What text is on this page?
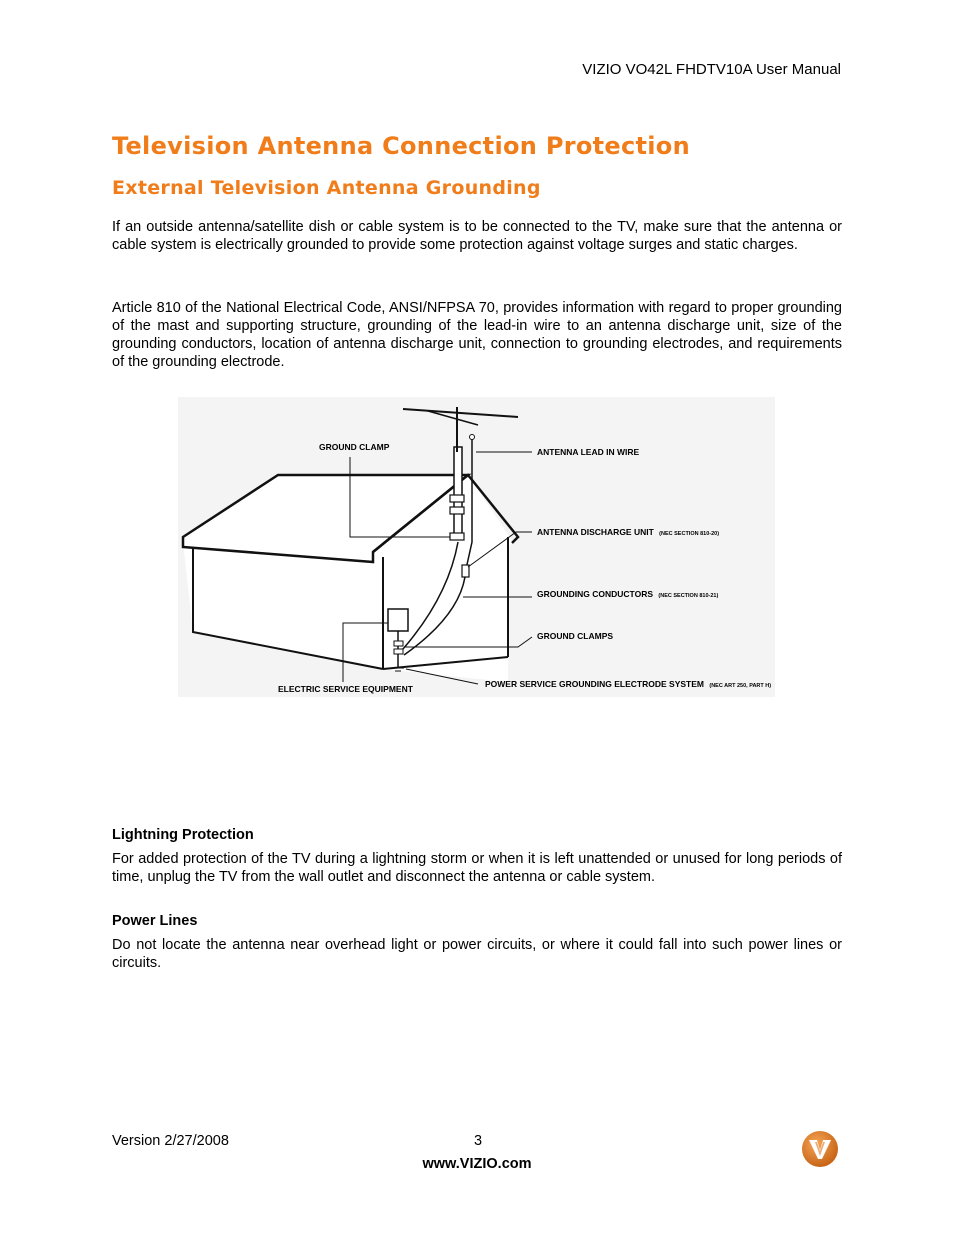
VIZIO VO42L FHDTV10A User Manual
Television Antenna Connection Protection
External Television Antenna Grounding
If an outside antenna/satellite dish or cable system is to be connected to the TV, make sure that the antenna or cable system is electrically grounded to provide some protection against voltage surges and static charges.
Article 810 of the National Electrical Code, ANSI/NFPSA 70, provides information with regard to proper grounding of the mast and supporting structure, grounding of the lead-in wire to an antenna discharge unit, size of the grounding conductors, location of antenna discharge unit, connection to grounding electrodes, and requirements of the grounding electrode.
GROUND CLAMP	ANTENNA LEAD IN WIRE
ANTENNA DISCHARGE UNIT (NEC SECTION 810-20)
GROUNDING CONDUCTORS (NEC SECTION 810-21)
GROUND CLAMPS
POWER SERVICE GROUNDING ELECTRODE SYSTEM (NEC ART 250, PART H)
ELECTRIC SERVICE EQUIPMENT
Lightning Protection
For added protection of the TV during a lightning storm or when it is left unattended or unused for long periods of time, unplug the TV from the wall outlet and disconnect the antenna or cable system.
Power Lines
Do not locate the antenna near overhead light or power circuits, or where it could fall into such power lines or circuits.
Version 2/27/2008	3
www.VIZIO.com
